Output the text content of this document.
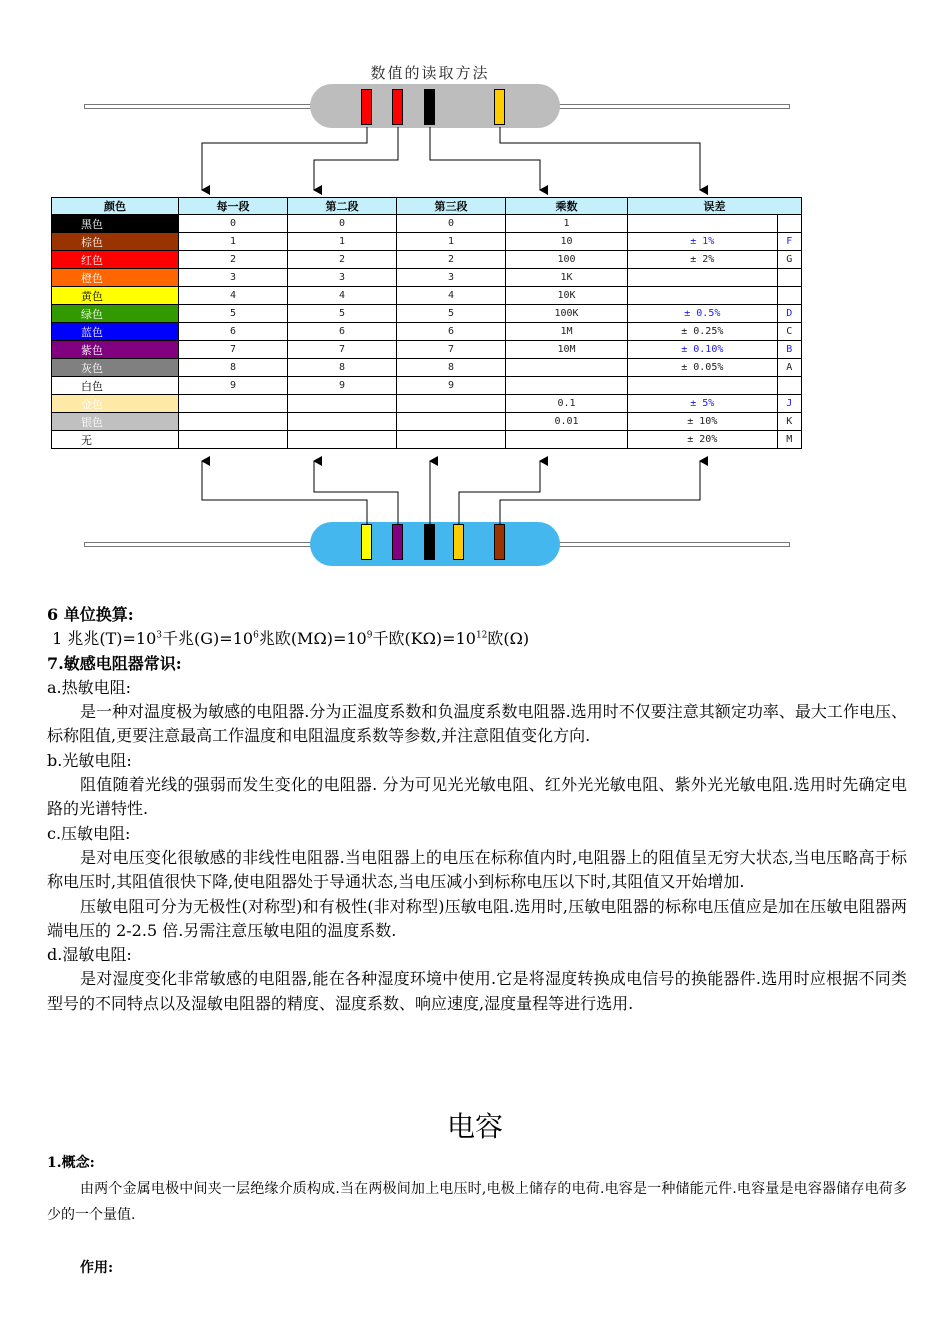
数值的读取方法
颜色	每一段	第二段	第三段	乘数	误差	
黑色	0	0	0	1		
棕色	1	1	1	10	± 1%	F
红色	2	2	2	100	± 2%	G
橙色	3	3	3	1K		
黄色	4	4	4	10K		
绿色	5	5	5	100K	± 0.5%	D
蓝色	6	6	6	1M	± 0.25%	C
紫色	7	7	7	10M	± 0.10%	B
灰色	8	8	8		± 0.05%	A
白色	9	9	9			
金色				0.1	± 5%	J
银色				0.01	± 10%	K
无					± 20%	M

6 单位换算:

1 兆兆$(T)=10^3$千兆$(G)=10^6$兆欧$(M\Omega)=10^9$千欧$(K\Omega)=10^{12}$欧(Ω)

7.敏感电阻器常识:

a.热敏电阻:

是一种对温度极为敏感的电阻器.分为正温度系数和负温度系数电阻器.选用时不仅要注意其额定功率、最大工作电压、标称阻值,更要注意最高工作温度和电阻温度系数等参数,并注意阻值变化方向.

b.光敏电阻:

阻值随着光线的强弱而发生变化的电阻器. 分为可见光光敏电阻、红外光光敏电阻、紫外光光敏电阻.选用时先确定电路的光谱特性.

c.压敏电阻:

是对电压变化很敏感的非线性电阻器.当电阻器上的电压在标称值内时,电阻器上的阻值呈无穷大状态,当电压略高于标称电压时,其阻值很快下降,使电阻器处于导通状态,当电压减小到标称电压以下时,其阻值又开始增加.

压敏电阻可分为无极性(对称型)和有极性(非对称型)压敏电阻.选用时,压敏电阻器的标称电压值应是加在压敏电阻器两端电压的 2-2.5 倍.另需注意压敏电阻的温度系数.

d.湿敏电阻:

是对湿度变化非常敏感的电阻器,能在各种湿度环境中使用.它是将湿度转换成电信号的换能器件.选用时应根据不同类型号的不同特点以及湿敏电阻器的精度、湿度系数、响应速度,湿度量程等进行选用.

电容

1.概念:

由两个金属电极中间夹一层绝缘介质构成.当在两极间加上电压时,电极上储存的电荷.电容是一种储能元件.电容量是电容器储存电荷多少的一个量值.

作用:
